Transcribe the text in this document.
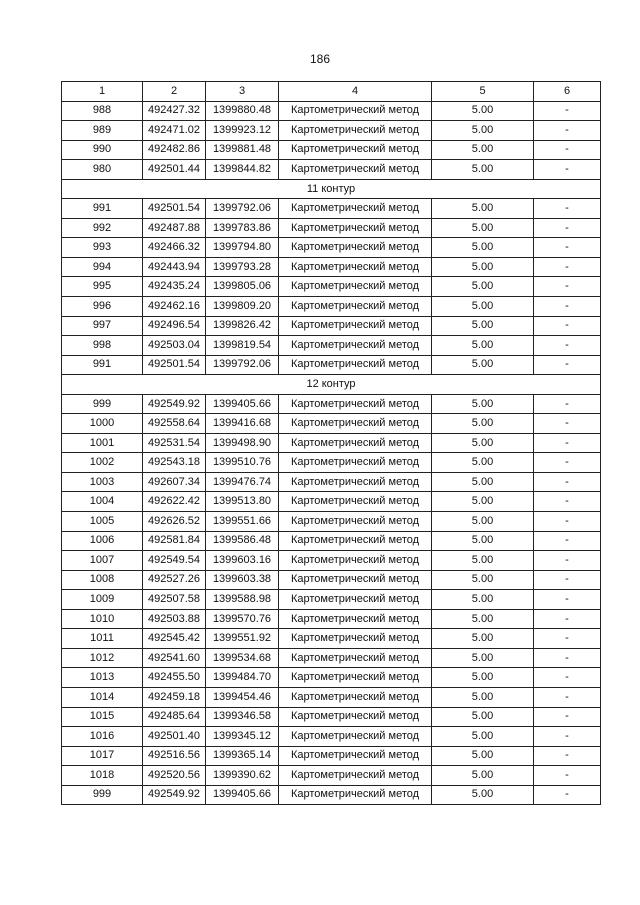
186
1	2	3	4	5	6
988	492427.32	1399880.48	Картометрический метод	5.00	-
989	492471.02	1399923.12	Картометрический метод	5.00	-
990	492482.86	1399881.48	Картометрический метод	5.00	-
980	492501.44	1399844.82	Картометрический метод	5.00	-
11 контур					
991	492501.54	1399792.06	Картометрический метод	5.00	-
992	492487.88	1399783.86	Картометрический метод	5.00	-
993	492466.32	1399794.80	Картометрический метод	5.00	-
994	492443.94	1399793.28	Картометрический метод	5.00	-
995	492435.24	1399805.06	Картометрический метод	5.00	-
996	492462.16	1399809.20	Картометрический метод	5.00	-
997	492496.54	1399826.42	Картометрический метод	5.00	-
998	492503.04	1399819.54	Картометрический метод	5.00	-
991	492501.54	1399792.06	Картометрический метод	5.00	-
12 контур					
999	492549.92	1399405.66	Картометрический метод	5.00	-
1000	492558.64	1399416.68	Картометрический метод	5.00	-
1001	492531.54	1399498.90	Картометрический метод	5.00	-
1002	492543.18	1399510.76	Картометрический метод	5.00	-
1003	492607.34	1399476.74	Картометрический метод	5.00	-
1004	492622.42	1399513.80	Картометрический метод	5.00	-
1005	492626.52	1399551.66	Картометрический метод	5.00	-
1006	492581.84	1399586.48	Картометрический метод	5.00	-
1007	492549.54	1399603.16	Картометрический метод	5.00	-
1008	492527.26	1399603.38	Картометрический метод	5.00	-
1009	492507.58	1399588.98	Картометрический метод	5.00	-
1010	492503.88	1399570.76	Картометрический метод	5.00	-
1011	492545.42	1399551.92	Картометрический метод	5.00	-
1012	492541.60	1399534.68	Картометрический метод	5.00	-
1013	492455.50	1399484.70	Картометрический метод	5.00	-
1014	492459.18	1399454.46	Картометрический метод	5.00	-
1015	492485.64	1399346.58	Картометрический метод	5.00	-
1016	492501.40	1399345.12	Картометрический метод	5.00	-
1017	492516.56	1399365.14	Картометрический метод	5.00	-
1018	492520.56	1399390.62	Картометрический метод	5.00	-
999	492549.92	1399405.66	Картометрический метод	5.00	-
